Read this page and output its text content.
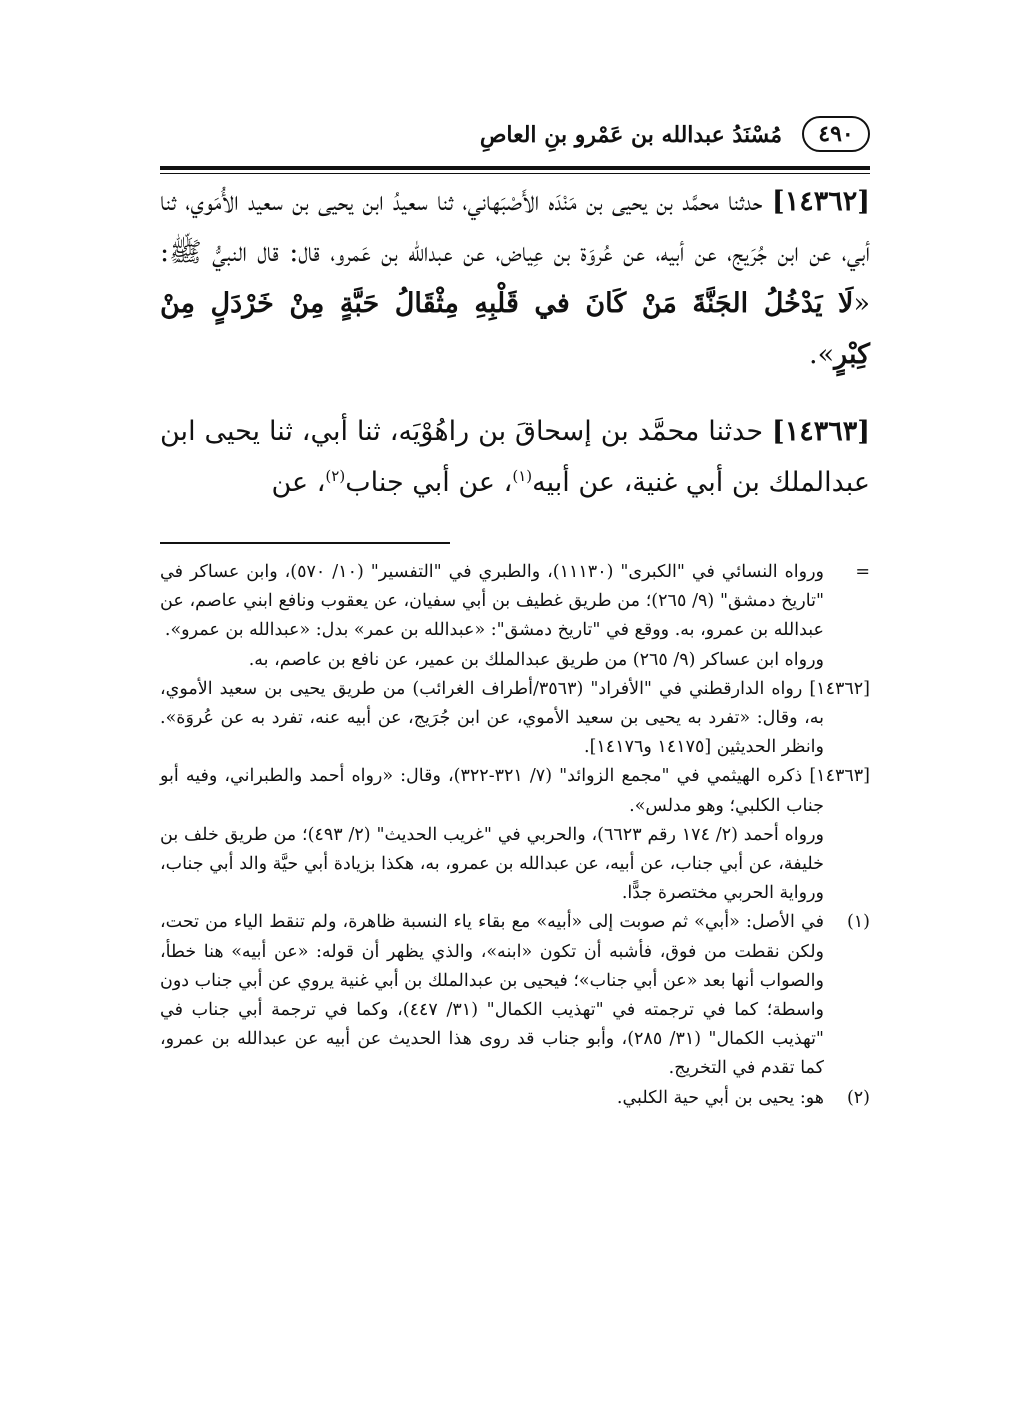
٤٩٠
مُسْنَدُ عبدالله بن عَمْرو بنِ العاصِ

[١٤٣٦٢] حدثنا محمَّد بن يحيى بن مَنْدَه الأَصْبَهاني، ثنا سعيدُ ابن يحيى بن سعيد الأُمَوي، ثنا أبي، عن ابن جُرَيج، عن أبيه، عن عُروَة بن عِياض، عن عبدالله بن عَمرو، قال: قال النبيُّ ﷺ: «لَا يَدْخُلُ الجَنَّةَ مَنْ كَانَ في قَلْبِهِ مِثْقَالُ حَبَّةٍ مِنْ خَرْدَلٍ مِنْ كِبْرٍ».

[١٤٣٦٣] حدثنا محمَّد بن إسحاقَ بن راهُوْيَه، ثنا أبي، ثنا يحيى ابن عبدالملك بن أبي غنية، عن أبيه$^{(١)}$، عن أبي جناب$^{(٢)}$، عن

=
ورواه النسائي في "الكبرى" (١١١٣٠)، والطبري في "التفسير" (١٠/ ٥٧٠)، وابن عساكر في "تاريخ دمشق" (٩/ ٢٦٥)؛ من طريق غطيف بن أبي سفيان، عن يعقوب ونافع ابني عاصم، عن عبدالله بن عمرو، به. ووقع في "تاريخ دمشق": «عبدالله بن عمر» بدل: «عبدالله بن عمرو».
ورواه ابن عساكر (٩/ ٢٦٥) من طريق عبدالملك بن عمير، عن نافع بن عاصم، به.
[١٤٣٦٢] رواه الدارقطني في "الأفراد" (٣٥٦٣/أطراف الغرائب) من طريق يحيى بن سعيد الأموي، به، وقال: «تفرد به يحيى بن سعيد الأموي، عن ابن جُرَيج، عن أبيه عنه، تفرد به عن عُروَة». وانظر الحديثين [١٤١٧٥ و١٤١٧٦].
[١٤٣٦٣] ذكره الهيثمي في "مجمع الزوائد" (٧/ ٣٢١-٣٢٢)، وقال: «رواه أحمد والطبراني، وفيه أبو جناب الكلبي؛ وهو مدلس».
ورواه أحمد (٢/ ١٧٤ رقم ٦٦٢٣)، والحربي في "غريب الحديث" (٢/ ٤٩٣)؛ من طريق خلف بن خليفة، عن أبي جناب، عن أبيه، عن عبدالله بن عمرو، به، هكذا بزيادة أبي حيَّة والد أبي جناب، ورواية الحربي مختصرة جدًّا.
(١)
في الأصل: «أبي» ثم صوبت إلى «أبيه» مع بقاء ياء النسبة ظاهرة، ولم تنقط الياء من تحت، ولكن نقطت من فوق، فأشبه أن تكون «ابنه»، والذي يظهر أن قوله: «عن أبيه» هنا خطأ، والصواب أنها بعد «عن أبي جناب»؛ فيحيى بن عبدالملك بن أبي غنية يروي عن أبي جناب دون واسطة؛ كما في ترجمته في "تهذيب الكمال" (٣١/ ٤٤٧)، وكما في ترجمة أبي جناب في "تهذيب الكمال" (٣١/ ٢٨٥)، وأبو جناب قد روى هذا الحديث عن أبيه عن عبدالله بن عمرو، كما تقدم في التخريج.
(٢)
هو: يحيى بن أبي حية الكلبي.
